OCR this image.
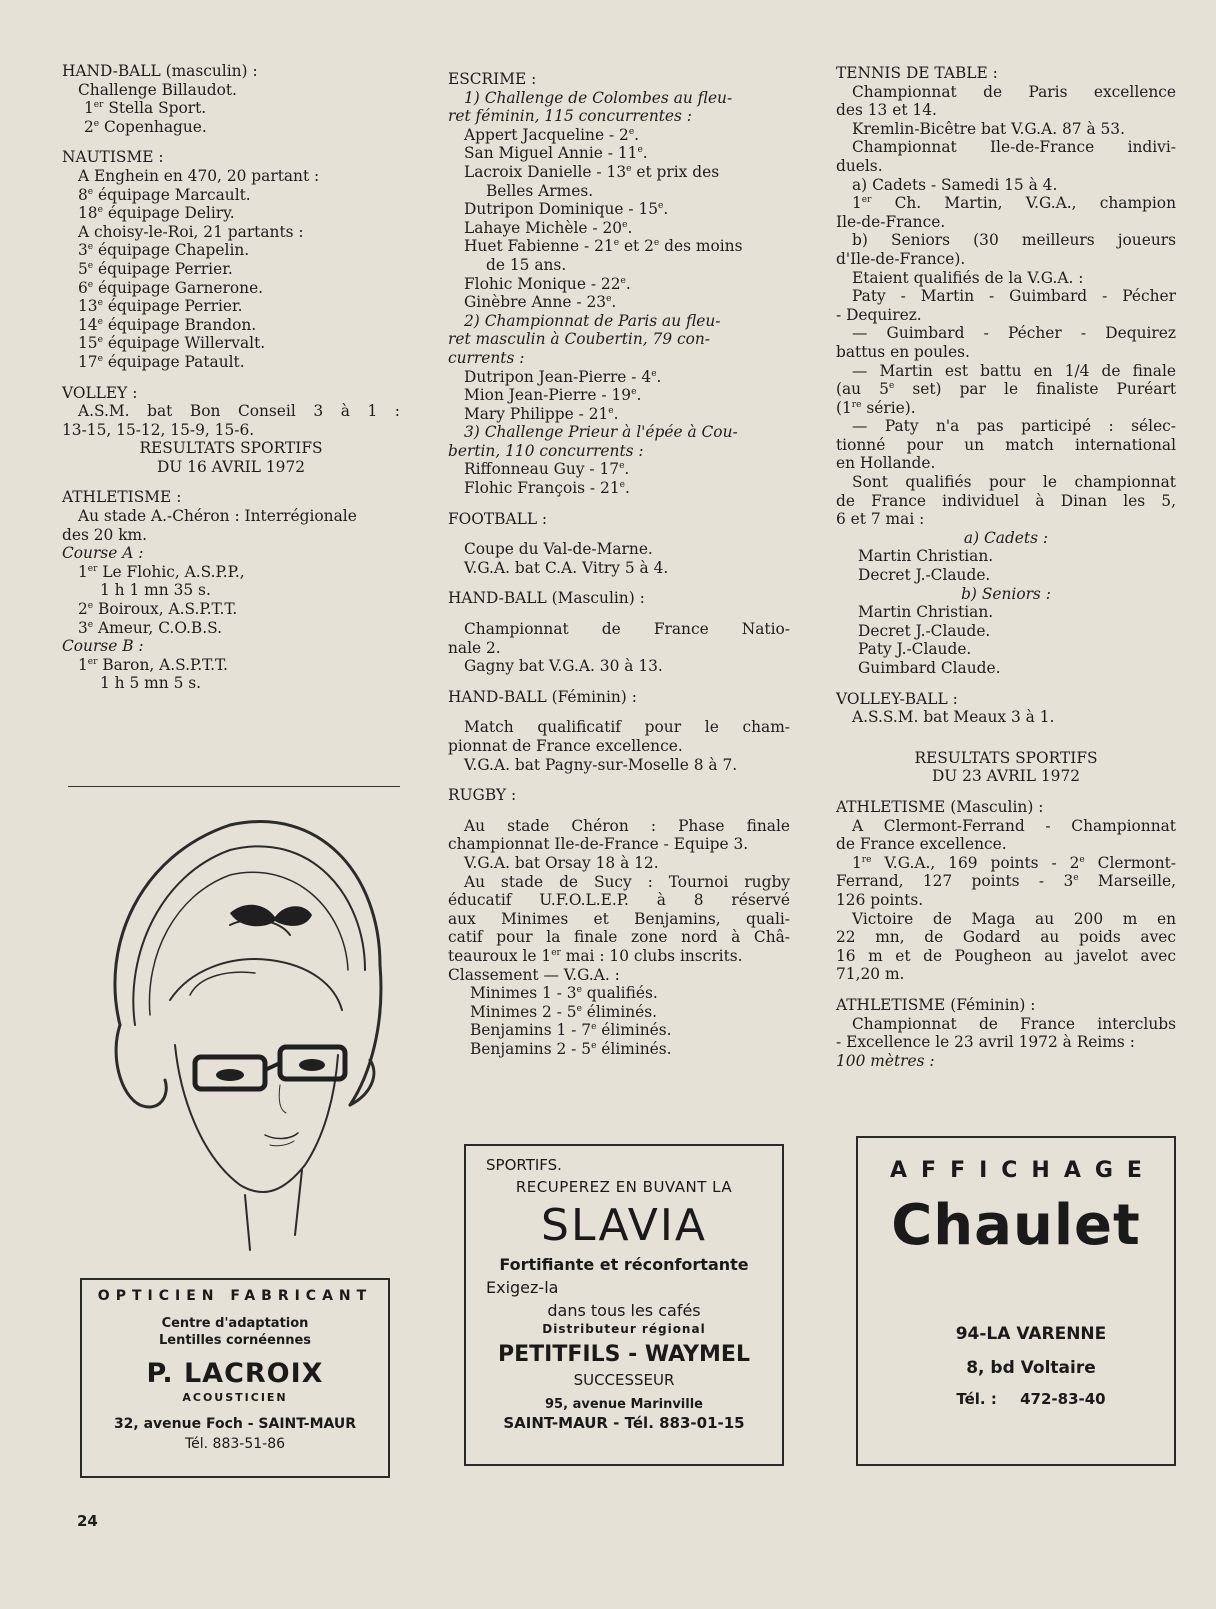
HAND-BALL (masculin) :
Challenge Billaudot.
1er Stella Sport.
2e Copenhague.
NAUTISME :
A Enghein en 470, 20 partant :
8e équipage Marcault.
18e équipage Deliry.
A choisy-le-Roi, 21 partants :
3e équipage Chapelin.
5e équipage Perrier.
6e équipage Garnerone.
13e équipage Perrier.
14e équipage Brandon.
15e équipage Willervalt.
17e équipage Patault.
VOLLEY :
A.S.M. bat Bon Conseil 3 à 1 :
13-15, 15-12, 15-9, 15-6.
RESULTATS SPORTIFS
DU 16 AVRIL 1972
ATHLETISME :
Au stade A.-Chéron : Interrégionale
des 20 km.
Course A :
1er Le Flohic, A.S.P.P.,
1 h 1 mn 35 s.
2e Boiroux, A.S.P.T.T.
3e Ameur, C.O.B.S.
Course B :
1er Baron, A.S.P.T.T.
1 h 5 mn 5 s.
ESCRIME :
1) Challenge de Colombes au fleu-
ret féminin, 115 concurrentes :
Appert Jacqueline - 2e.
San Miguel Annie - 11e.
Lacroix Danielle - 13e et prix des
Belles Armes.
Dutripon Dominique - 15e.
Lahaye Michèle - 20e.
Huet Fabienne - 21e et 2e des moins
de 15 ans.
Flohic Monique - 22e.
Ginèbre Anne - 23e.
2) Championnat de Paris au fleu-
ret masculin à Coubertin, 79 con-
currents :
Dutripon Jean-Pierre - 4e.
Mion Jean-Pierre - 19e.
Mary Philippe - 21e.
3) Challenge Prieur à l'épée à Cou-
bertin, 110 concurrents :
Riffonneau Guy - 17e.
Flohic François - 21e.
FOOTBALL :
Coupe du Val-de-Marne.
V.G.A. bat C.A. Vitry 5 à 4.
HAND-BALL (Masculin) :
Championnat de France Natio-
nale 2.
Gagny bat V.G.A. 30 à 13.
HAND-BALL (Féminin) :
Match qualificatif pour le cham-
pionnat de France excellence.
V.G.A. bat Pagny-sur-Moselle 8 à 7.
RUGBY :
Au stade Chéron : Phase finale
championnat Ile-de-France - Equipe 3.
V.G.A. bat Orsay 18 à 12.
Au stade de Sucy : Tournoi rugby
éducatif U.F.O.L.E.P. à 8 réservé
aux Minimes et Benjamins, quali-
catif pour la finale zone nord à Châ-
teauroux le 1er mai : 10 clubs inscrits.
Classement — V.G.A. :
Minimes 1 - 3e qualifiés.
Minimes 2 - 5e éliminés.
Benjamins 1 - 7e éliminés.
Benjamins 2 - 5e éliminés.
TENNIS DE TABLE :
Championnat de Paris excellence
des 13 et 14.
Kremlin-Bicêtre bat V.G.A. 87 à 53.
Championnat Ile-de-France indivi-
duels.
a) Cadets - Samedi 15 à 4.
1er Ch. Martin, V.G.A., champion
Ile-de-France.
b) Seniors (30 meilleurs joueurs
d'Ile-de-France).
Etaient qualifiés de la V.G.A. :
Paty - Martin - Guimbard - Pécher
- Dequirez.
— Guimbard - Pécher - Dequirez
battus en poules.
— Martin est battu en 1/4 de finale
(au 5e set) par le finaliste Puréart
(1re série).
— Paty n'a pas participé : sélec-
tionné pour un match international
en Hollande.
Sont qualifiés pour le championnat
de France individuel à Dinan les 5,
6 et 7 mai :
a) Cadets :
Martin Christian.
Decret J.-Claude.
b) Seniors :
Martin Christian.
Decret J.-Claude.
Paty J.-Claude.
Guimbard Claude.
VOLLEY-BALL :
A.S.S.M. bat Meaux 3 à 1.
RESULTATS SPORTIFS
DU 23 AVRIL 1972
ATHLETISME (Masculin) :
A Clermont-Ferrand - Championnat
de France excellence.
1re V.G.A., 169 points - 2e Clermont-
Ferrand, 127 points - 3e Marseille,
126 points.
Victoire de Maga au 200 m en
22 mn, de Godard au poids avec
16 m et de Pougheon au javelot avec
71,20 m.
ATHLETISME (Féminin) :
Championnat de France interclubs
- Excellence le 23 avril 1972 à Reims :
100 mètres :
OPTICIEN FABRICANT
Centre d'adaptation
Lentilles cornéennes
P. LACROIX
ACOUSTICIEN
32, avenue Foch - SAINT-MAUR
Tél. 883-51-86
SPORTIFS.
RECUPEREZ EN BUVANT LA
SLAVIA
Fortifiante et réconfortante
Exigez-la
dans tous les cafés
Distributeur régional
PETITFILS - WAYMEL
SUCCESSEUR
95, avenue Marinville
SAINT-MAUR - Tél. 883-01-15
AFFICHAGE
Chaulet
94-LA VARENNE
8, bd Voltaire
Tél. : 472-83-40
24
